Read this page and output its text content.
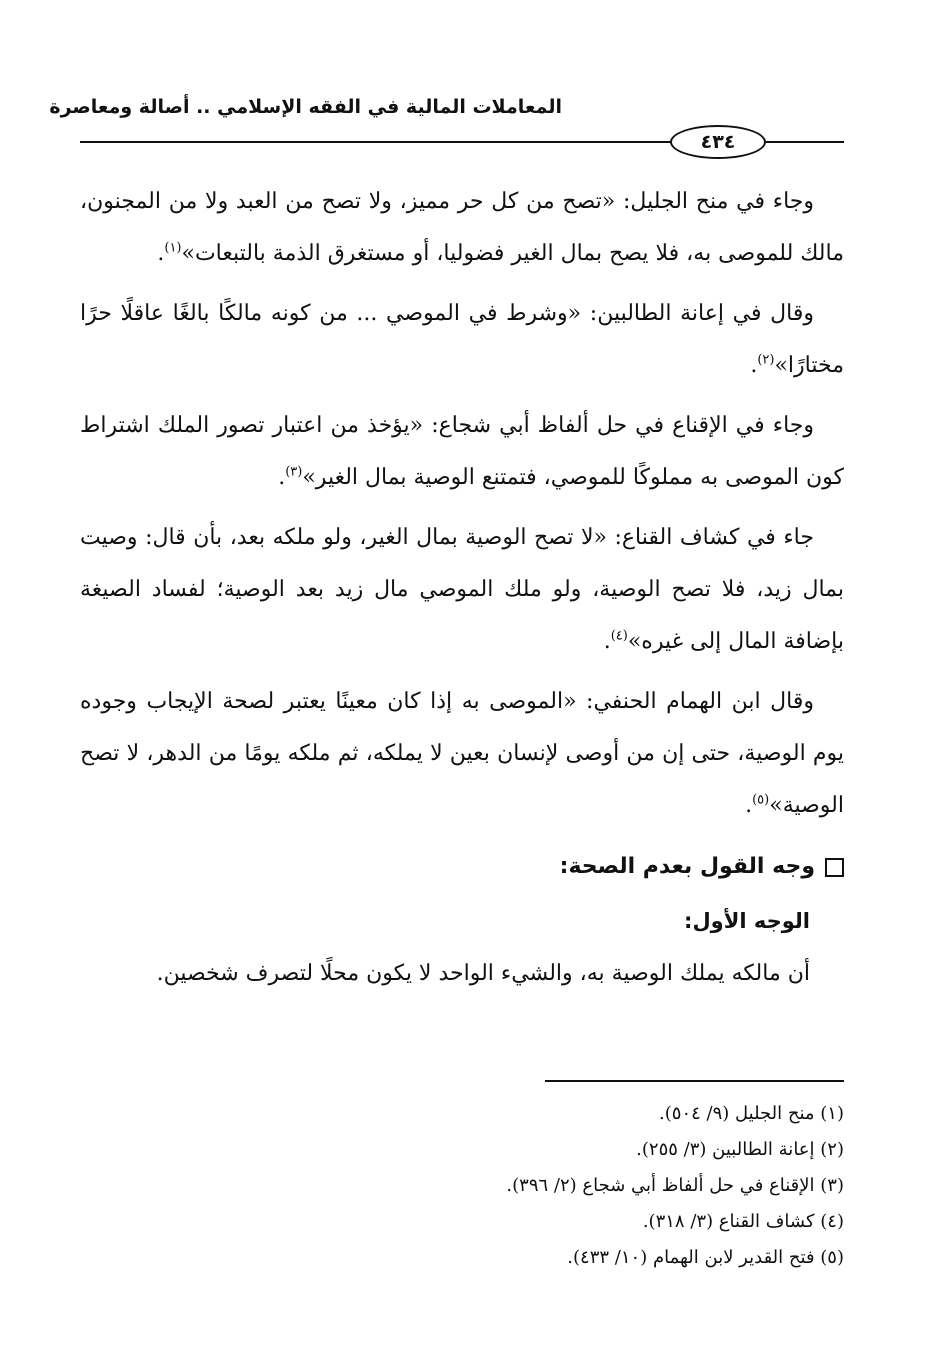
المعاملات المالية في الفقه الإسلامي .. أصالة ومعاصرة
٤٣٤

وجاء في منح الجليل: «تصح من كل حر مميز، ولا تصح من العبد ولا من المجنون، مالك للموصى به، فلا يصح بمال الغير فضوليا، أو مستغرق الذمة بالتبعات»$^{(١)}$.

وقال في إعانة الطالبين: «وشرط في الموصي ... من كونه مالكًا بالغًا عاقلًا حرًا مختارًا»$^{(٢)}$.

وجاء في الإقناع في حل ألفاظ أبي شجاع: «يؤخذ من اعتبار تصور الملك اشتراط كون الموصى به مملوكًا للموصي، فتمتنع الوصية بمال الغير»$^{(٣)}$.

جاء في كشاف القناع: «لا تصح الوصية بمال الغير، ولو ملكه بعد، بأن قال: وصيت بمال زيد، فلا تصح الوصية، ولو ملك الموصي مال زيد بعد الوصية؛ لفساد الصيغة بإضافة المال إلى غيره»$^{(٤)}$.

وقال ابن الهمام الحنفي: «الموصى به إذا كان معينًا يعتبر لصحة الإيجاب وجوده يوم الوصية، حتى إن من أوصى لإنسان بعين لا يملكه، ثم ملكه يومًا من الدهر، لا تصح الوصية»$^{(٥)}$.

وجه القول بعدم الصحة:
الوجه الأول:
أن مالكه يملك الوصية به، والشيء الواحد لا يكون محلًا لتصرف شخصين.
(١) منح الجليل (٩/ ٥٠٤).
(٢) إعانة الطالبين (٣/ ٢٥٥).
(٣) الإقناع في حل ألفاظ أبي شجاع (٢/ ٣٩٦).
(٤) كشاف القناع (٣/ ٣١٨).
(٥) فتح القدير لابن الهمام (١٠/ ٤٣٣).
